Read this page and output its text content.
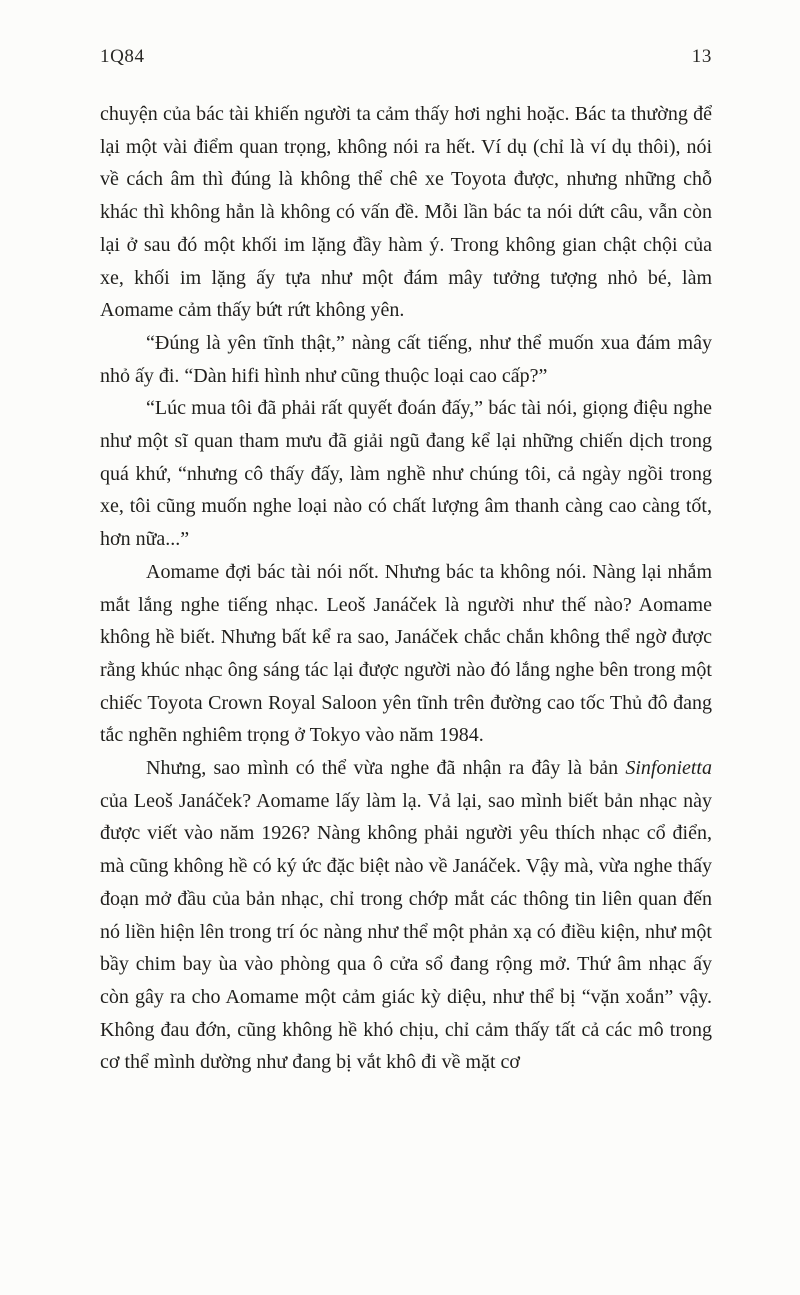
1Q84	13

chuyện của bác tài khiến người ta cảm thấy hơi nghi hoặc. Bác ta thường để lại một vài điểm quan trọng, không nói ra hết. Ví dụ (chỉ là ví dụ thôi), nói về cách âm thì đúng là không thể chê xe Toyota được, nhưng những chỗ khác thì không hẳn là không có vấn đề. Mỗi lần bác ta nói dứt câu, vẫn còn lại ở sau đó một khối im lặng đầy hàm ý. Trong không gian chật chội của xe, khối im lặng ấy tựa như một đám mây tưởng tượng nhỏ bé, làm Aomame cảm thấy bứt rứt không yên.

“Đúng là yên tĩnh thật,” nàng cất tiếng, như thể muốn xua đám mây nhỏ ấy đi. “Dàn hifi hình như cũng thuộc loại cao cấp?”

“Lúc mua tôi đã phải rất quyết đoán đấy,” bác tài nói, giọng điệu nghe như một sĩ quan tham mưu đã giải ngũ đang kể lại những chiến dịch trong quá khứ, “nhưng cô thấy đấy, làm nghề như chúng tôi, cả ngày ngồi trong xe, tôi cũng muốn nghe loại nào có chất lượng âm thanh càng cao càng tốt, hơn nữa...”

Aomame đợi bác tài nói nốt. Nhưng bác ta không nói. Nàng lại nhắm mắt lắng nghe tiếng nhạc. Leoš Janáček là người như thế nào? Aomame không hề biết. Nhưng bất kể ra sao, Janáček chắc chắn không thể ngờ được rằng khúc nhạc ông sáng tác lại được người nào đó lắng nghe bên trong một chiếc Toyota Crown Royal Saloon yên tĩnh trên đường cao tốc Thủ đô đang tắc nghẽn nghiêm trọng ở Tokyo vào năm 1984.

Nhưng, sao mình có thể vừa nghe đã nhận ra đây là bản Sinfonietta của Leoš Janáček? Aomame lấy làm lạ. Vả lại, sao mình biết bản nhạc này được viết vào năm 1926? Nàng không phải người yêu thích nhạc cổ điển, mà cũng không hề có ký ức đặc biệt nào về Janáček. Vậy mà, vừa nghe thấy đoạn mở đầu của bản nhạc, chỉ trong chớp mắt các thông tin liên quan đến nó liền hiện lên trong trí óc nàng như thể một phản xạ có điều kiện, như một bầy chim bay ùa vào phòng qua ô cửa sổ đang rộng mở. Thứ âm nhạc ấy còn gây ra cho Aomame một cảm giác kỳ diệu, như thể bị “vặn xoắn” vậy. Không đau đớn, cũng không hề khó chịu, chỉ cảm thấy tất cả các mô trong cơ thể mình dường như đang bị vắt khô đi về mặt cơ
